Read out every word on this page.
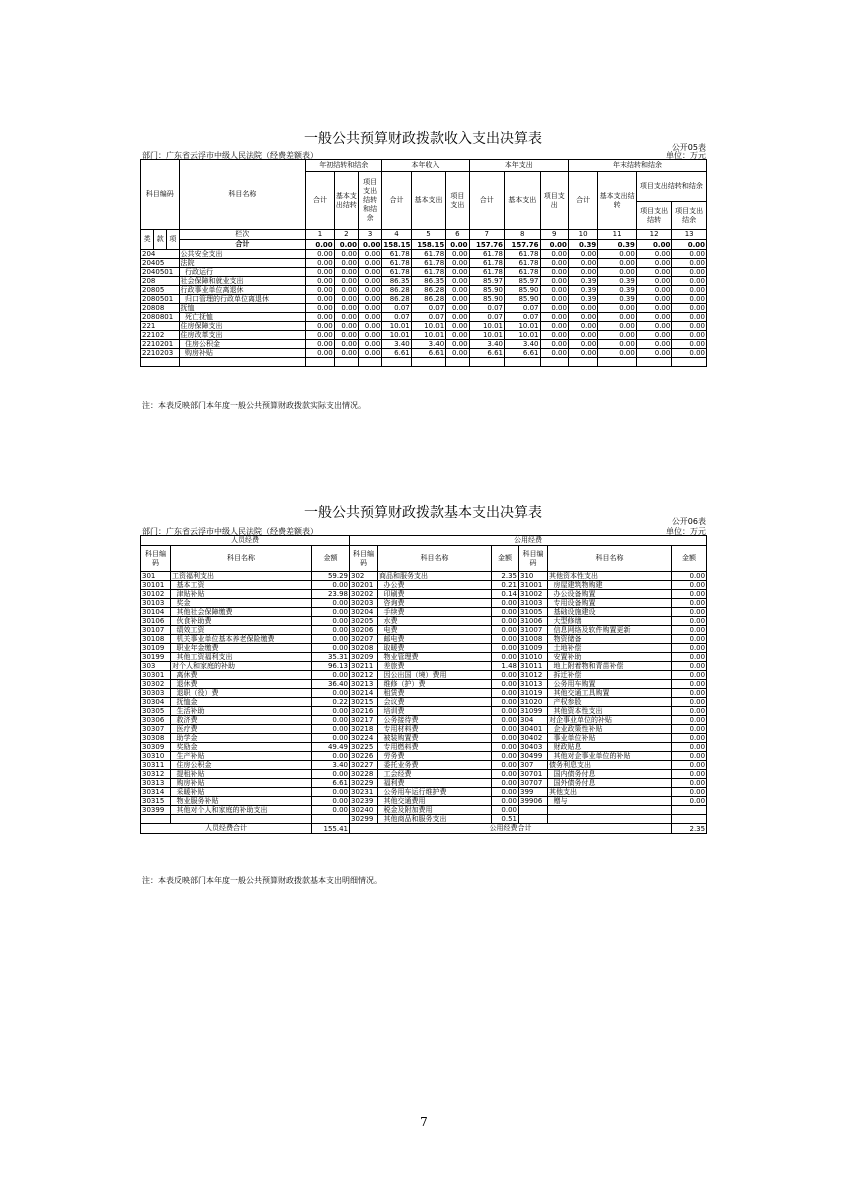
一般公共预算财政拨款收入支出决算表
公开05表
部门：广东省云浮市中级人民法院（经费差额表）	单位：万元
科目编码			科目名称	年初结转和结余			本年收入			本年支出			年末结转和结余			
				合计	基本支出结转	项目支出结转和结余	合计	基本支出	项目支出	合计	基本支出	项目支出	合计	基本支出结转	项目支出结转和结余	
															项目支出结转	项目支出结余
类	款	项	栏次	1	2	3	4	5	6	7	8	9	10	11	12	13
			合计	0.00	0.00	0.00	158.15	158.15	0.00	157.76	157.76	0.00	0.39	0.39	0.00	0.00
204			公共安全支出	0.00	0.00	0.00	61.78	61.78	0.00	61.78	61.78	0.00	0.00	0.00	0.00	0.00
20405			法院	0.00	0.00	0.00	61.78	61.78	0.00	61.78	61.78	0.00	0.00	0.00	0.00	0.00
2040501			行政运行	0.00	0.00	0.00	61.78	61.78	0.00	61.78	61.78	0.00	0.00	0.00	0.00	0.00
208			社会保障和就业支出	0.00	0.00	0.00	86.35	86.35	0.00	85.97	85.97	0.00	0.39	0.39	0.00	0.00
20805			行政事业单位离退休	0.00	0.00	0.00	86.28	86.28	0.00	85.90	85.90	0.00	0.39	0.39	0.00	0.00
2080501			归口管理的行政单位离退休	0.00	0.00	0.00	86.28	86.28	0.00	85.90	85.90	0.00	0.39	0.39	0.00	0.00
20808			抚恤	0.00	0.00	0.00	0.07	0.07	0.00	0.07	0.07	0.00	0.00	0.00	0.00	0.00
2080801			死亡抚恤	0.00	0.00	0.00	0.07	0.07	0.00	0.07	0.07	0.00	0.00	0.00	0.00	0.00
221			住房保障支出	0.00	0.00	0.00	10.01	10.01	0.00	10.01	10.01	0.00	0.00	0.00	0.00	0.00
22102			住房改革支出	0.00	0.00	0.00	10.01	10.01	0.00	10.01	10.01	0.00	0.00	0.00	0.00	0.00
2210201			住房公积金	0.00	0.00	0.00	3.40	3.40	0.00	3.40	3.40	0.00	0.00	0.00	0.00	0.00
2210203			购房补贴	0.00	0.00	0.00	6.61	6.61	0.00	6.61	6.61	0.00	0.00	0.00	0.00	0.00

注：本表反映部门本年度一般公共预算财政拨款实际支出情况。
一般公共预算财政拨款基本支出决算表
公开06表
部门：广东省云浮市中级人民法院（经费差额表）	单位：万元
人员经费			公用经费					
科目编码	科目名称	金额	科目编码	科目名称	金额	科目编码	科目名称	金额
301	工资福利支出	59.29	302	商品和服务支出	2.35	310	其他资本性支出	0.00
30101	基本工资	0.00	30201	办公费	0.21	31001	房屋建筑物购建	0.00
30102	津贴补贴	23.98	30202	印刷费	0.14	31002	办公设备购置	0.00
30103	奖金	0.00	30203	咨询费	0.00	31003	专用设备购置	0.00
30104	其他社会保障缴费	0.00	30204	手续费	0.00	31005	基础设施建设	0.00
30106	伙食补助费	0.00	30205	水费	0.00	31006	大型修缮	0.00
30107	绩效工资	0.00	30206	电费	0.00	31007	信息网络及软件购置更新	0.00
30108	机关事业单位基本养老保险缴费	0.00	30207	邮电费	0.00	31008	物资储备	0.00
30109	职业年金缴费	0.00	30208	取暖费	0.00	31009	土地补偿	0.00
30199	其他工资福利支出	35.31	30209	物业管理费	0.00	31010	安置补助	0.00
303	对个人和家庭的补助	96.13	30211	差旅费	1.48	31011	地上附着物和青苗补偿	0.00
30301	离休费	0.00	30212	因公出国（境）费用	0.00	31012	拆迁补偿	0.00
30302	退休费	36.40	30213	维修（护）费	0.00	31013	公务用车购置	0.00
30303	退职（役）费	0.00	30214	租赁费	0.00	31019	其他交通工具购置	0.00
30304	抚恤金	0.22	30215	会议费	0.00	31020	产权参股	0.00
30305	生活补助	0.00	30216	培训费	0.00	31099	其他资本性支出	0.00
30306	救济费	0.00	30217	公务接待费	0.00	304	对企事业单位的补贴	0.00
30307	医疗费	0.00	30218	专用材料费	0.00	30401	企业政策性补贴	0.00
30308	助学金	0.00	30224	被装购置费	0.00	30402	事业单位补贴	0.00
30309	奖励金	49.49	30225	专用燃料费	0.00	30403	财政贴息	0.00
30310	生产补贴	0.00	30226	劳务费	0.00	30499	其他对企事业单位的补贴	0.00
30311	住房公积金	3.40	30227	委托业务费	0.00	307	债务利息支出	0.00
30312	提租补贴	0.00	30228	工会经费	0.00	30701	国内债务付息	0.00
30313	购房补贴	6.61	30229	福利费	0.00	30707	国外债务付息	0.00
30314	采暖补贴	0.00	30231	公务用车运行维护费	0.00	399	其他支出	0.00
30315	物业服务补贴	0.00	30239	其他交通费用	0.00	39906	赠与	0.00
30399	其他对个人和家庭的补助支出	0.00	30240	税金及附加费用	0.00			
			30299	其他商品和服务支出	0.51			
人员经费合计		155.41	公用经费合计					2.35
注：本表反映部门本年度一般公共预算财政拨款基本支出明细情况。
7
